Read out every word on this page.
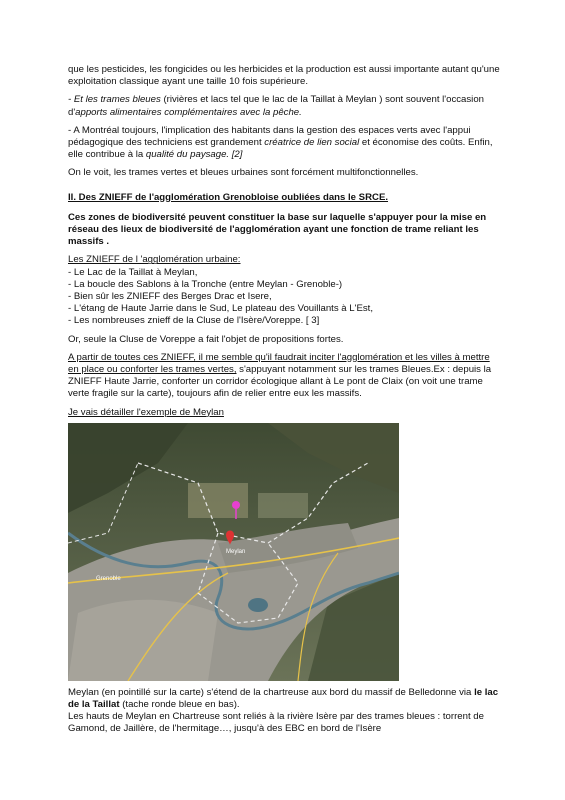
que les pesticides, les fongicides ou les herbicides et la production est aussi importante autant qu'une exploitation classique ayant une taille 10 fois supérieure.

- Et les trames bleues (rivières et lacs tel que le lac de la Taillat à Meylan ) sont souvent l'occasion d'apports alimentaires complémentaires avec la pêche.

- A Montréal toujours, l'implication des habitants dans la gestion des espaces verts avec l'appui pédagogique des techniciens est grandement créatrice de lien social et économise des coûts. Enfin, elle contribue à la qualité du paysage. [2]

On le voit, les trames vertes et bleues urbaines sont forcément multifonctionnelles.

II. Des ZNIEFF de l'agglomération Grenobloise oubliées dans le SRCE.

Ces zones de biodiversité peuvent constituer la base sur laquelle s'appuyer pour la mise en réseau des lieux de biodiversité de l'agglomération ayant une fonction de trame reliant les massifs .

Les ZNIEFF de l 'agglomération urbaine:
- Le Lac de la Taillat à Meylan,
- La boucle des Sablons à la Tronche (entre Meylan - Grenoble-)
- Bien sûr les ZNIEFF des Berges Drac et Isere,
- L'étang de Haute Jarrie dans le Sud, Le plateau des Vouillants à L'Est,
- Les nombreuses znieff de la Cluse de l'Isère/Voreppe. [ 3]

Or, seule la Cluse de Voreppe a fait l'objet de propositions fortes.

A partir de toutes ces ZNIEFF, il me semble qu'il faudrait inciter l'agglomération et les villes à mettre en place ou conforter les trames vertes, s'appuyant notamment sur les trames Bleues.Ex : depuis la ZNIEFF Haute Jarrie, conforter un corridor écologique allant à Le pont de Claix (on voit une trame verte fragile sur la carte), toujours afin de relier entre eux les massifs.

Je vais détailler l'exemple de Meylan
Meylan
Grenoble
Meylan (en pointillé sur la carte) s'étend de la chartreuse aux bord du massif de Belledonne via le lac de la Taillat (tache ronde bleue en bas).
Les hauts de Meylan en Chartreuse sont reliés à la rivière Isère par des trames bleues : torrent de Gamond, de Jaillère, de l'hermitage…, jusqu'à des EBC en bord de l'Isère
